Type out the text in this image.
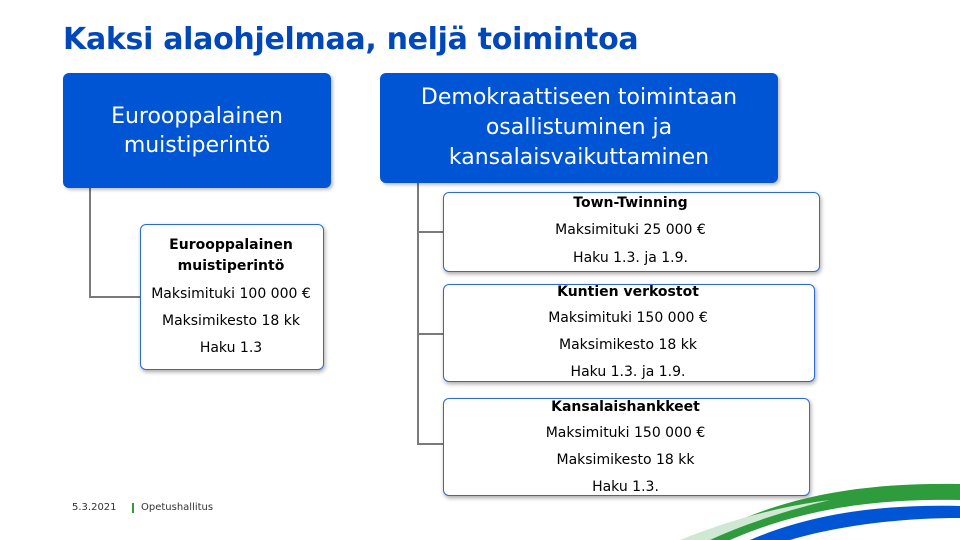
Kaksi alaohjelmaa, neljä toimintoa
Eurooppalainen
muistiperintö
Demokraattiseen toimintaan
osallistuminen ja
kansalaisvaikuttaminen
Eurooppalainen
muistiperintö
Maksimituki 100 000 €
Maksimikesto 18 kk
Haku 1.3
Town-Twinning
Maksimituki 25 000 €
Haku 1.3. ja 1.9.
Kuntien verkostot
Maksimituki 150 000 €
Maksimikesto 18 kk
Haku 1.3. ja 1.9.
Kansalaishankkeet
Maksimituki 150 000 €
Maksimikesto 18 kk
Haku 1.3.
5.3.2021 Opetushallitus
